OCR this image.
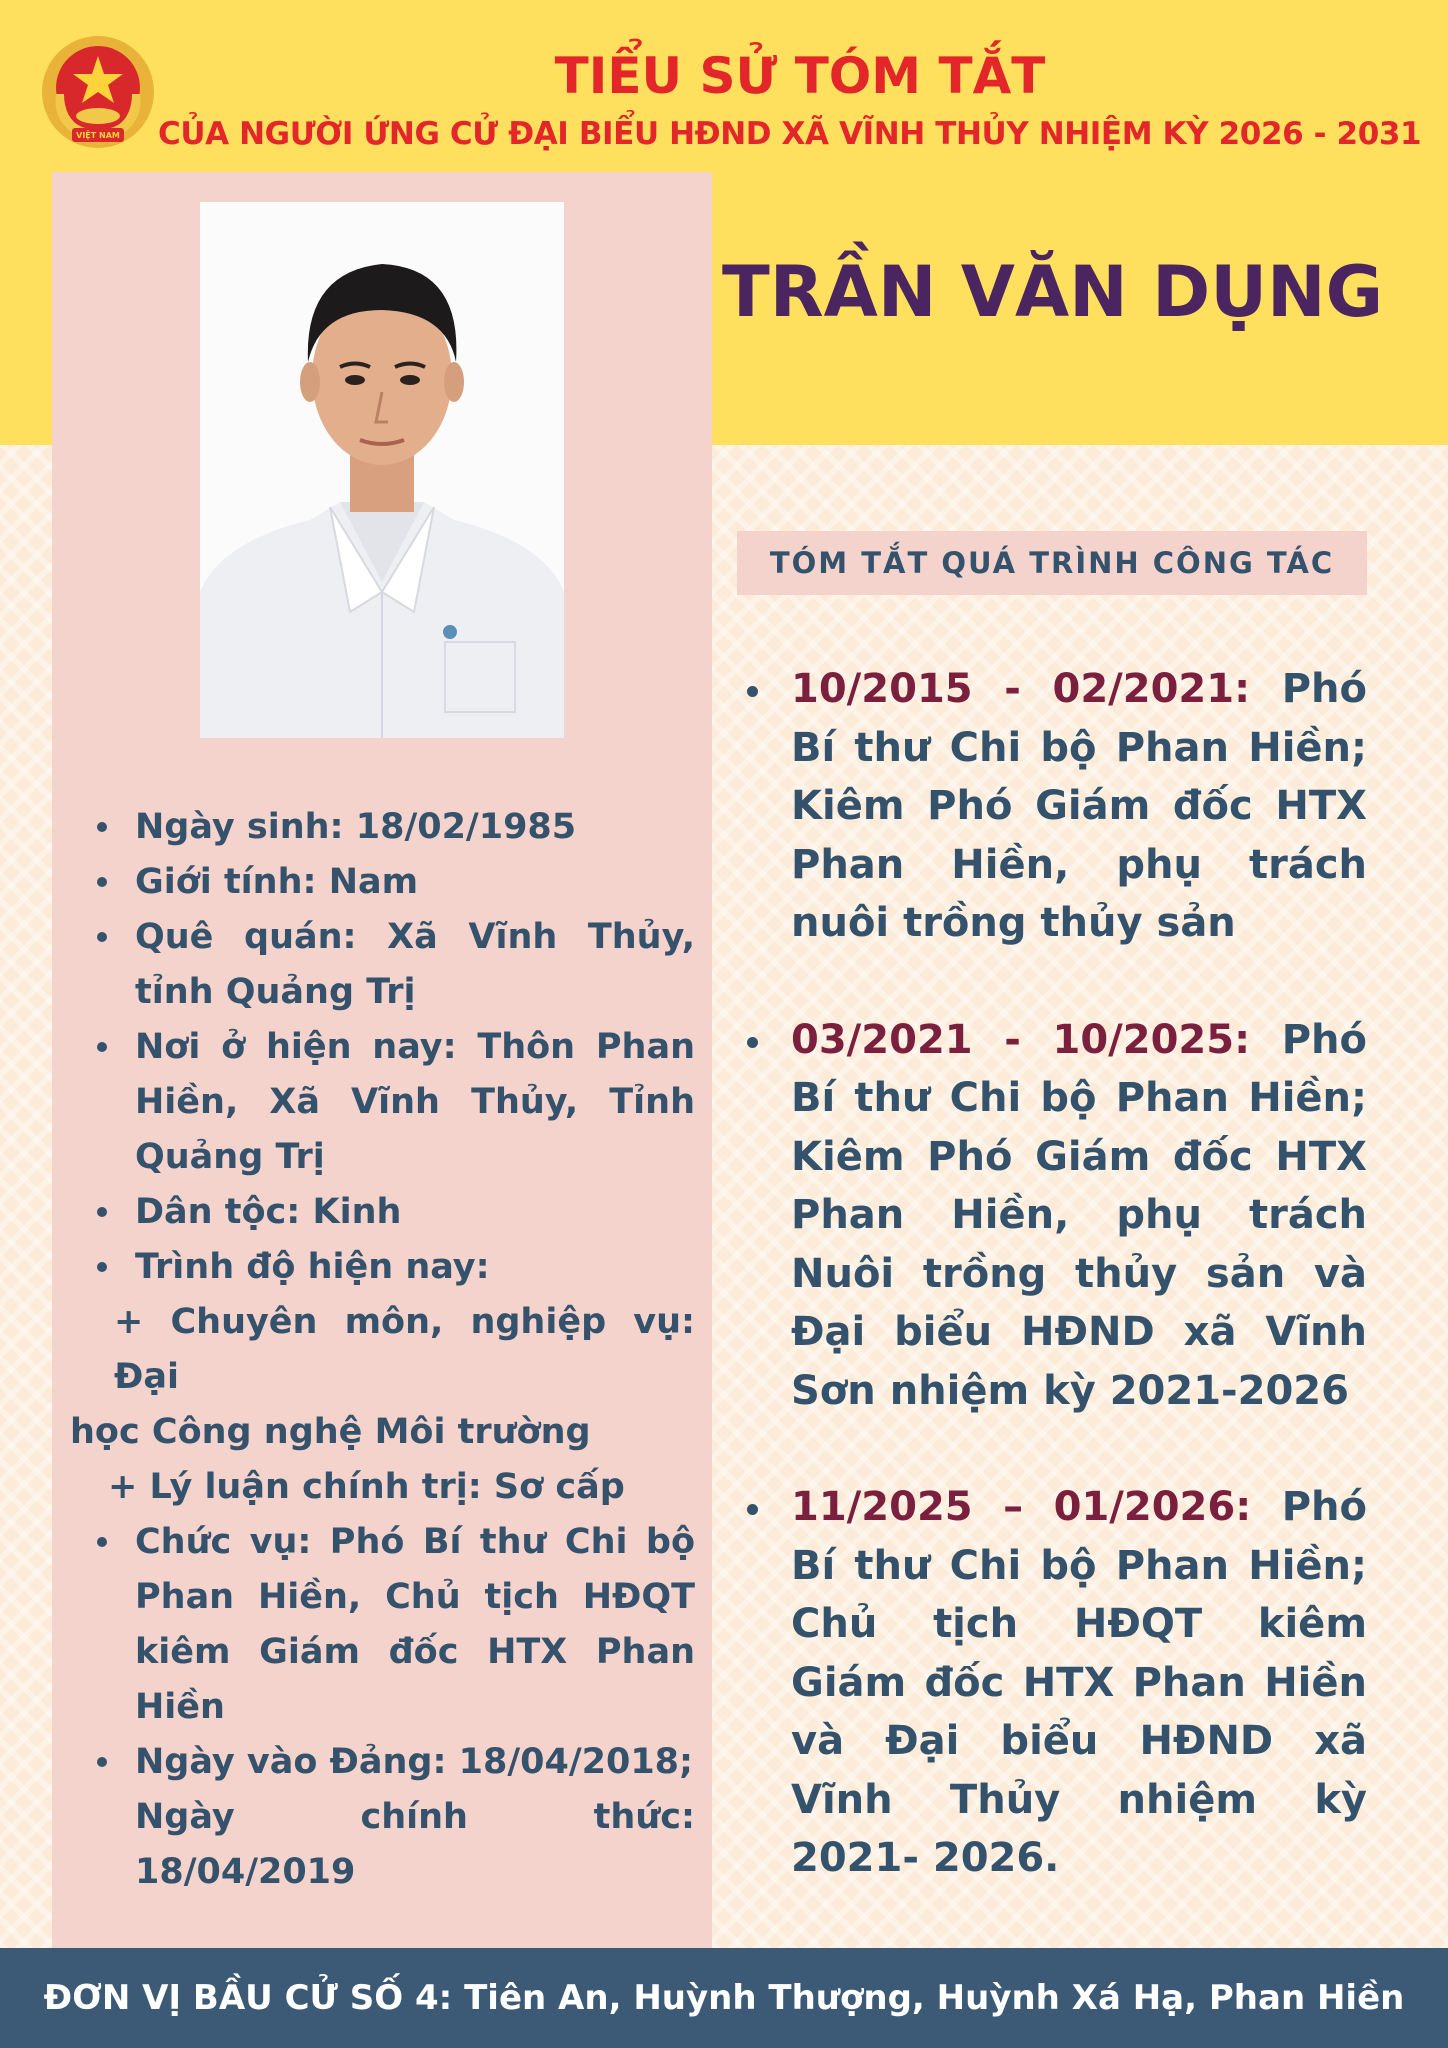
VIỆT NAM
TIỂU SỬ TÓM TẮT
CỦA NGƯỜI ỨNG CỬ ĐẠI BIỂU HĐND XÃ VĨNH THỦY NHIỆM KỲ 2026 - 2031
TRẦN VĂN DỤNG
TÓM TẮT QUÁ TRÌNH CÔNG TÁC
Ngày sinh: 18/02/1985
Giới tính: Nam
Quê quán: Xã Vĩnh Thủy, tỉnh Quảng Trị
Nơi ở hiện nay: Thôn Phan Hiền, Xã Vĩnh Thủy, Tỉnh Quảng Trị
Dân tộc: Kinh
Trình độ hiện nay:
+ Chuyên môn, nghiệp vụ: Đại
học Công nghệ Môi trường
+ Lý luận chính trị: Sơ cấp
Chức vụ: Phó Bí thư Chi bộ Phan Hiền, Chủ tịch HĐQT kiêm Giám đốc HTX Phan Hiền
Ngày vào Đảng: 18/04/2018;
Ngày chính thức: 18/04/2019
10/2015 - 02/2021: Phó Bí thư Chi bộ Phan Hiền; Kiêm Phó Giám đốc HTX Phan Hiền, phụ trách nuôi trồng thủy sản
03/2021 - 10/2025: Phó Bí thư Chi bộ Phan Hiền; Kiêm Phó Giám đốc HTX Phan Hiền, phụ trách Nuôi trồng thủy sản và Đại biểu HĐND xã Vĩnh Sơn nhiệm kỳ 2021-2026
11/2025 – 01/2026: Phó Bí thư Chi bộ Phan Hiền; Chủ tịch HĐQT kiêm Giám đốc HTX Phan Hiền và Đại biểu HĐND xã Vĩnh Thủy nhiệm kỳ 2021- 2026.
ĐƠN VỊ BẦU CỬ SỐ 4: Tiên An, Huỳnh Thượng, Huỳnh Xá Hạ, Phan Hiền
